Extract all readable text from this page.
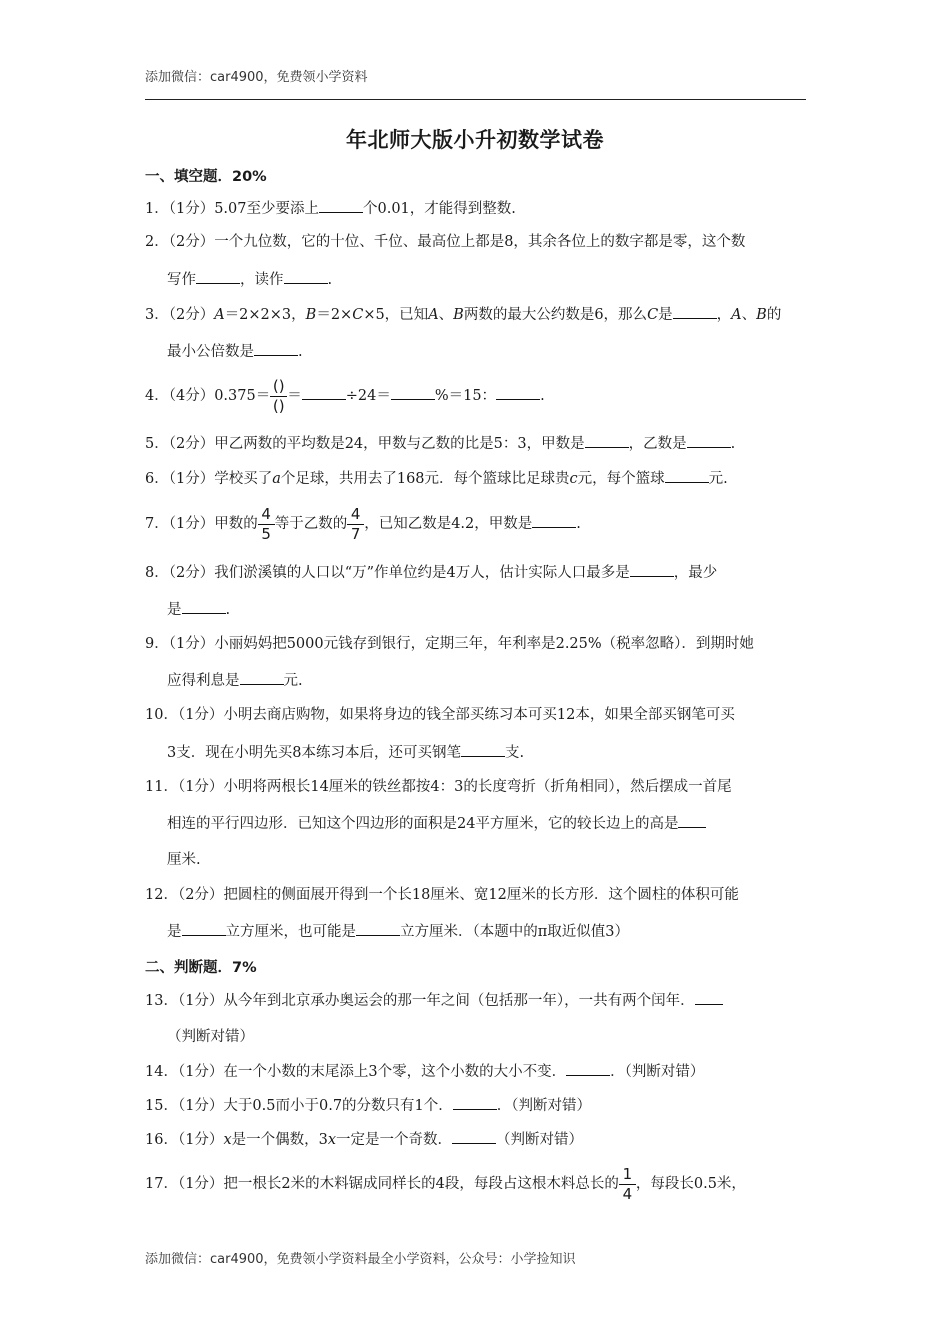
添加微信：car4900，免费领小学资料
年北师大版小升初数学试卷
一、填空题．20%
1．（1分）5.07至少要添上	个0.01，才能得到整数.
2．（2分）一个九位数，它的十位、千位、最高位上都是8，其余各位上的数字都是零，这个数
写作	，读作	.
3．（2分）A＝2×2×3，B＝2×C×5，已知A、B两数的最大公约数是6，那么C是	，A、B的
最小公倍数是	.
4．（4分）$0.375= \frac{()}{()}$ ＝	÷24＝	%＝15：	.
5．（2分）甲乙两数的平均数是24，甲数与乙数的比是5：3，甲数是	，乙数是	.
6．（1分）学校买了a个足球，共用去了168元．每个篮球比足球贵c元，每个篮球	元.
7．（1分）甲数的 $\frac{4}{5}$ 等于乙数的 $\frac{4}{7}$ ，已知乙数是4.2，甲数是	.
8．（2分）我们淤溪镇的人口以“万”作单位约是4万人，估计实际人口最多是	，最少
是	.
9．（1分）小丽妈妈把5000元钱存到银行，定期三年，年利率是2.25%（税率忽略）．到期时她
应得利息是	元.
10．（1分）小明去商店购物，如果将身边的钱全部买练习本可买12本，如果全部买钢笔可买
3支．现在小明先买8本练习本后，还可买钢笔	支.
11．（1分）小明将两根长14厘米的铁丝都按4：3的长度弯折（折角相同），然后摆成一首尾
相连的平行四边形．已知这个四边形的面积是24平方厘米，它的较长边上的高是
厘米.
12．（2分）把圆柱的侧面展开得到一个长18厘米、宽12厘米的长方形．这个圆柱的体积可能
是	立方厘米，也可能是	立方厘米．（本题中的π取近似值3）
二、判断题．7%
13．（1分）从今年到北京承办奥运会的那一年之间（包括那一年），一共有两个闰年．
（判断对错）
14．（1分）在一个小数的末尾添上3个零，这个小数的大小不变．	．（判断对错）
15．（1分）大于0.5而小于0.7的分数只有1个．	．（判断对错）
16．（1分）x是一个偶数，3x一定是一个奇数．	（判断对错）
17．（1分）把一根长2米的木料锯成同样长的4段，每段占这根木料总长的 $\frac{1}{4}$ ，每段长0.5米，
添加微信：car4900，免费领小学资料最全小学资料，公众号：小学捡知识
